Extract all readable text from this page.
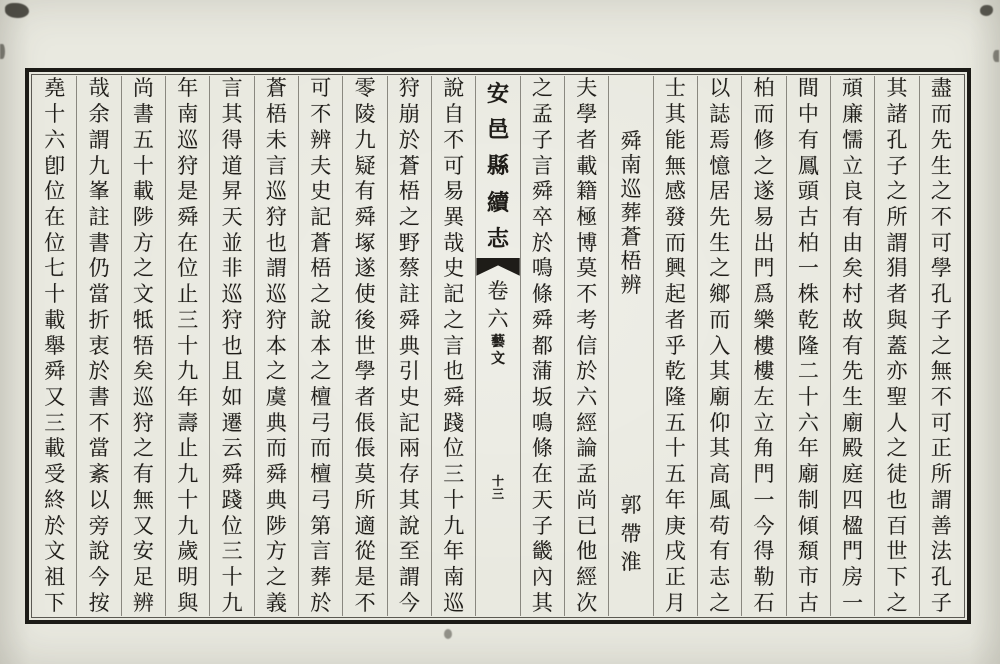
盡
而
先
生
之
不
可
學
孔
子
之
無
不
可
正
所
謂
善
法
孔
子
其
諸
孔
子
之
所
謂
狷
者
與
蓋
亦
聖
人
之
徒
也
百
世
下
之
頑
廉
懦
立
良
有
由
矣
村
故
有
先
生
廟
殿
庭
四
楹
門
房
一
間
中
有
鳳
頭
古
柏
一
株
乾
隆
二
十
六
年
廟
制
傾
頹
市
古
柏
而
修
之
遂
易
出
門
爲
樂
樓
樓
左
立
角
門
一
今
得
勒
石
以
誌
焉
憶
居
先
生
之
鄉
而
入
其
廟
仰
其
高
風
苟
有
志
之
士
其
能
無
感
發
而
興
起
者
乎
乾
隆
五
十
五
年
庚
戌
正
月
舜
南
巡
葬
蒼
梧
辨
郭
帶
淮
夫
學
者
載
籍
極
博
莫
不
考
信
於
六
經
論
孟
尚
已
他
經
次
之
孟
子
言
舜
卒
於
鳴
條
舜
都
蒲
坂
鳴
條
在
天
子
畿
內
其
安
邑
縣
續
志
卷
六
藝
文
十
三
說
自
不
可
易
異
哉
史
記
之
言
也
舜
踐
位
三
十
九
年
南
巡
狩
崩
於
蒼
梧
之
野
蔡
註
舜
典
引
史
記
兩
存
其
說
至
謂
今
零
陵
九
疑
有
舜
塚
遂
使
後
世
學
者
倀
倀
莫
所
適
從
是
不
可
不
辨
夫
史
記
蒼
梧
之
說
本
之
檀
弓
而
檀
弓
第
言
葬
於
蒼
梧
未
言
巡
狩
也
謂
巡
狩
本
之
虞
典
而
舜
典
陟
方
之
義
言
其
得
道
昇
天
並
非
巡
狩
也
且
如
遷
云
舜
踐
位
三
十
九
年
南
巡
狩
是
舜
在
位
止
三
十
九
年
壽
止
九
十
九
歲
明
與
尚
書
五
十
載
陟
方
之
文
牴
牾
矣
巡
狩
之
有
無
又
安
足
辨
哉
余
謂
九
峯
註
書
仍
當
折
衷
於
書
不
當
紊
以
旁
說
今
按
堯
十
六
卽
位
在
位
七
十
載
舉
舜
又
三
載
受
終
於
文
祖
下
